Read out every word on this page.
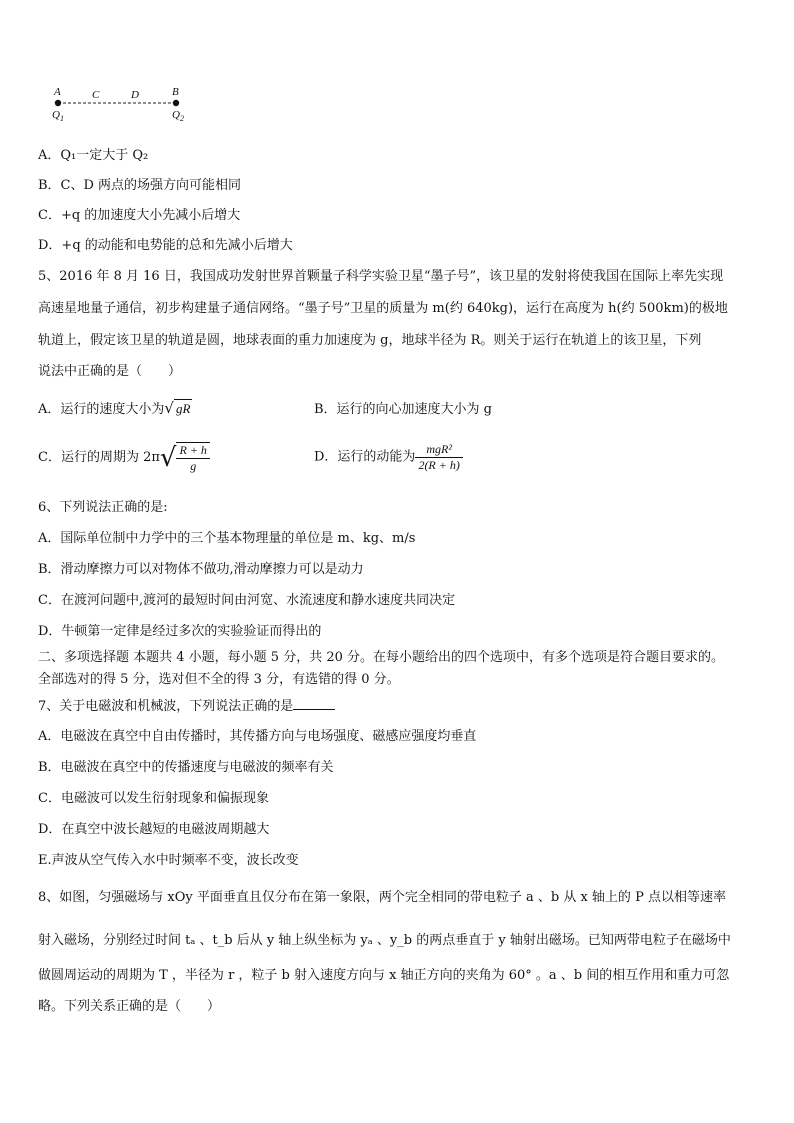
A	C	D	B
$Q_1$	$Q_2$
A．Q₁一定大于 Q₂
B．C、D 两点的场强方向可能相同
C．+q 的加速度大小先减小后增大
D．+q 的动能和电势能的总和先减小后增大
5、2016 年 8 月 16 日，我国成功发射世界首颗量子科学实验卫星“墨子号”，该卫星的发射将使我国在国际上率先实现
高速星地量子通信，初步构建量子通信网络。“墨子号”卫星的质量为 m(约 640kg)，运行在高度为 h(约 500km)的极地
轨道上，假定该卫星的轨道是圆，地球表面的重力加速度为 g，地球半径为 R。则关于运行在轨道上的该卫星，下列
说法中正确的是（　　）
A．运行的速度大小为√ gR	B．运行的向心加速度大小为 g
C．运行的周期为 $2\pi√ \frac{R + h}{g}$	D．运行的动能为 $\frac{\text{mgR²}}{2(R + h)}$
6、下列说法正确的是:
A．国际单位制中力学中的三个基本物理量的单位是 m、kg、m/s
B．滑动摩擦力可以对物体不做功,滑动摩擦力可以是动力
C．在渡河问题中,渡河的最短时间由河宽、水流速度和静水速度共同决定
D．牛顿第一定律是经过多次的实验验证而得出的
二、多项选择题 本题共 4 小题，每小题 5 分，共 20 分。在每小题给出的四个选项中，有多个选项是符合题目要求的。
全部选对的得 5 分，选对但不全的得 3 分，有选错的得 0 分。
7、关于电磁波和机械波，下列说法正确的是
A．电磁波在真空中自由传播时，其传播方向与电场强度、磁感应强度均垂直
B．电磁波在真空中的传播速度与电磁波的频率有关
C．电磁波可以发生衍射现象和偏振现象
D．在真空中波长越短的电磁波周期越大
E.声波从空气传入水中时频率不变，波长改变
8、如图，匀强磁场与 xOy 平面垂直且仅分布在第一象限，两个完全相同的带电粒子 a 、b 从 x 轴上的 P 点以相等速率
射入磁场，分别经过时间 tₐ 、t_b 后从 y 轴上纵坐标为 yₐ 、y_b 的两点垂直于 y 轴射出磁场。已知两带电粒子在磁场中
做圆周运动的周期为 T ，半径为 r ，粒子 b 射入速度方向与 x 轴正方向的夹角为 60° 。a 、b 间的相互作用和重力可忽
略。下列关系正确的是（　　）
